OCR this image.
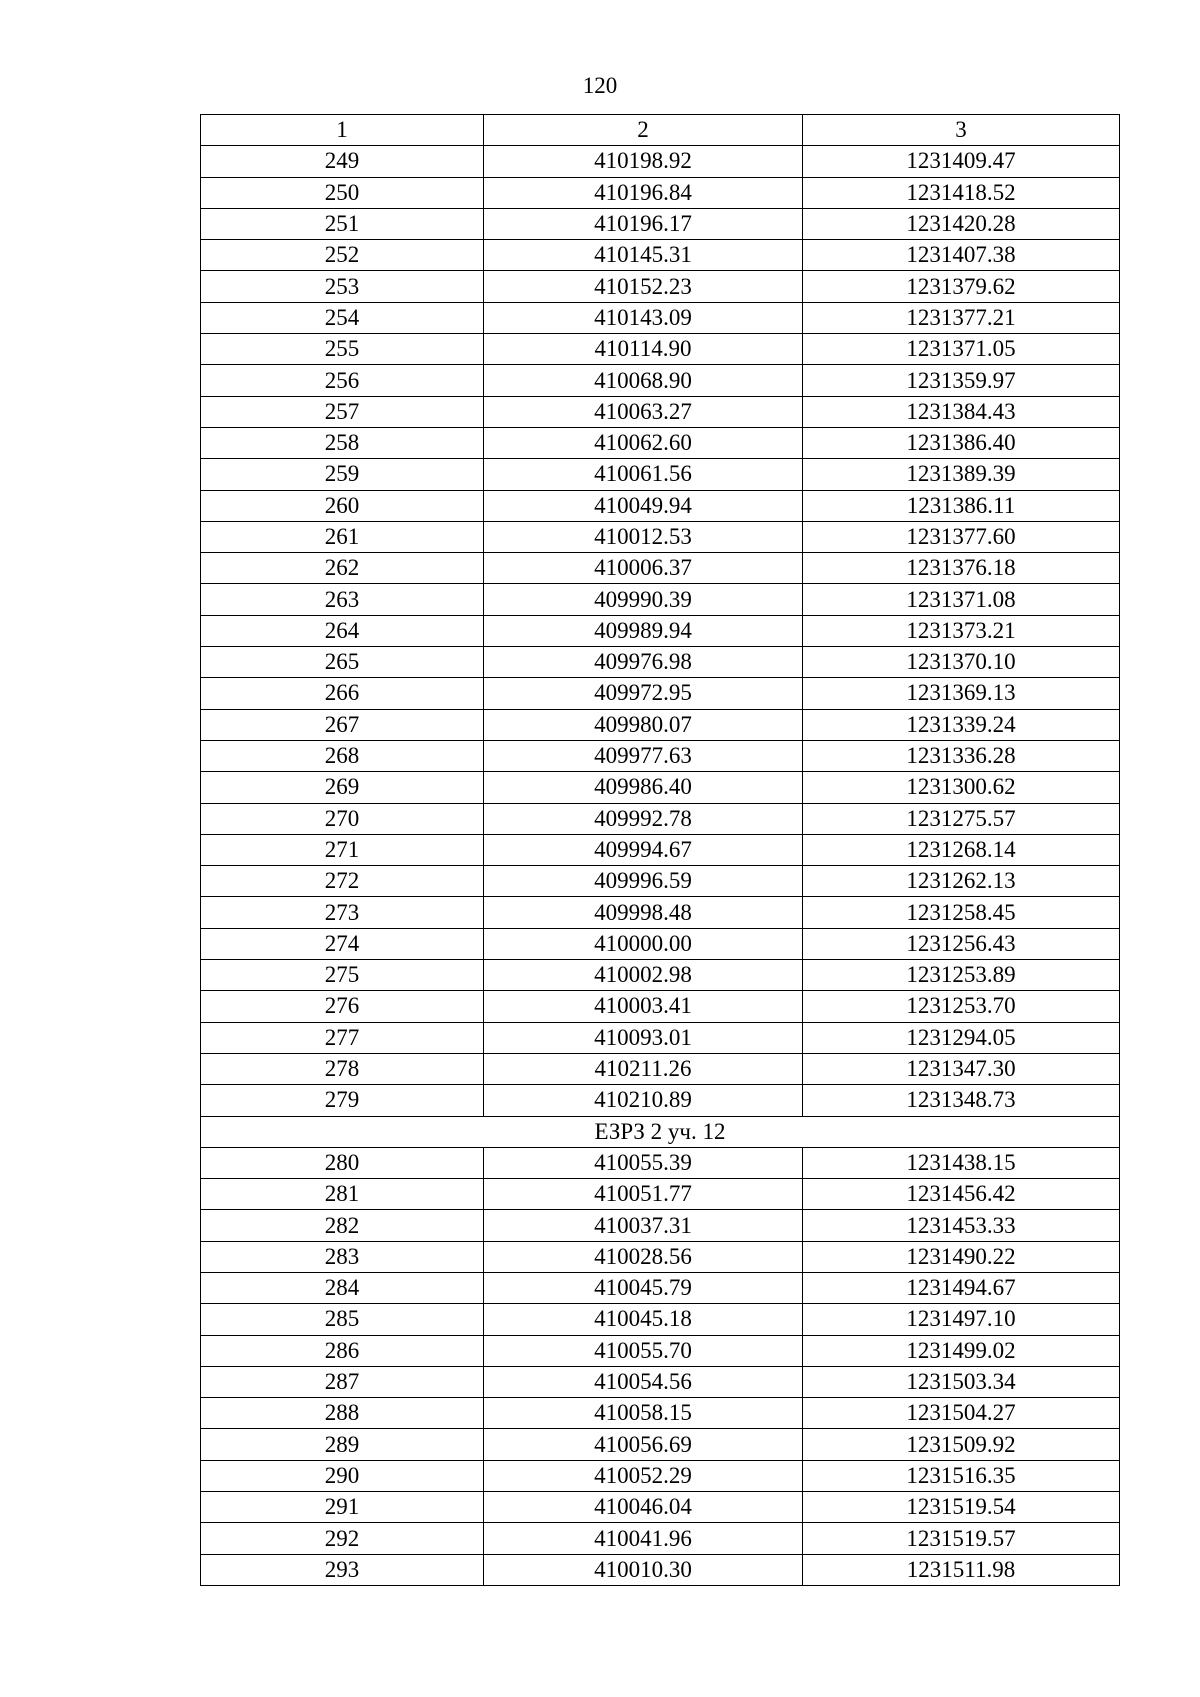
120
1	2	3
249	410198.92	1231409.47
250	410196.84	1231418.52
251	410196.17	1231420.28
252	410145.31	1231407.38
253	410152.23	1231379.62
254	410143.09	1231377.21
255	410114.90	1231371.05
256	410068.90	1231359.97
257	410063.27	1231384.43
258	410062.60	1231386.40
259	410061.56	1231389.39
260	410049.94	1231386.11
261	410012.53	1231377.60
262	410006.37	1231376.18
263	409990.39	1231371.08
264	409989.94	1231373.21
265	409976.98	1231370.10
266	409972.95	1231369.13
267	409980.07	1231339.24
268	409977.63	1231336.28
269	409986.40	1231300.62
270	409992.78	1231275.57
271	409994.67	1231268.14
272	409996.59	1231262.13
273	409998.48	1231258.45
274	410000.00	1231256.43
275	410002.98	1231253.89
276	410003.41	1231253.70
277	410093.01	1231294.05
278	410211.26	1231347.30
279	410210.89	1231348.73
ЕЗРЗ 2 уч. 12		
280	410055.39	1231438.15
281	410051.77	1231456.42
282	410037.31	1231453.33
283	410028.56	1231490.22
284	410045.79	1231494.67
285	410045.18	1231497.10
286	410055.70	1231499.02
287	410054.56	1231503.34
288	410058.15	1231504.27
289	410056.69	1231509.92
290	410052.29	1231516.35
291	410046.04	1231519.54
292	410041.96	1231519.57
293	410010.30	1231511.98
